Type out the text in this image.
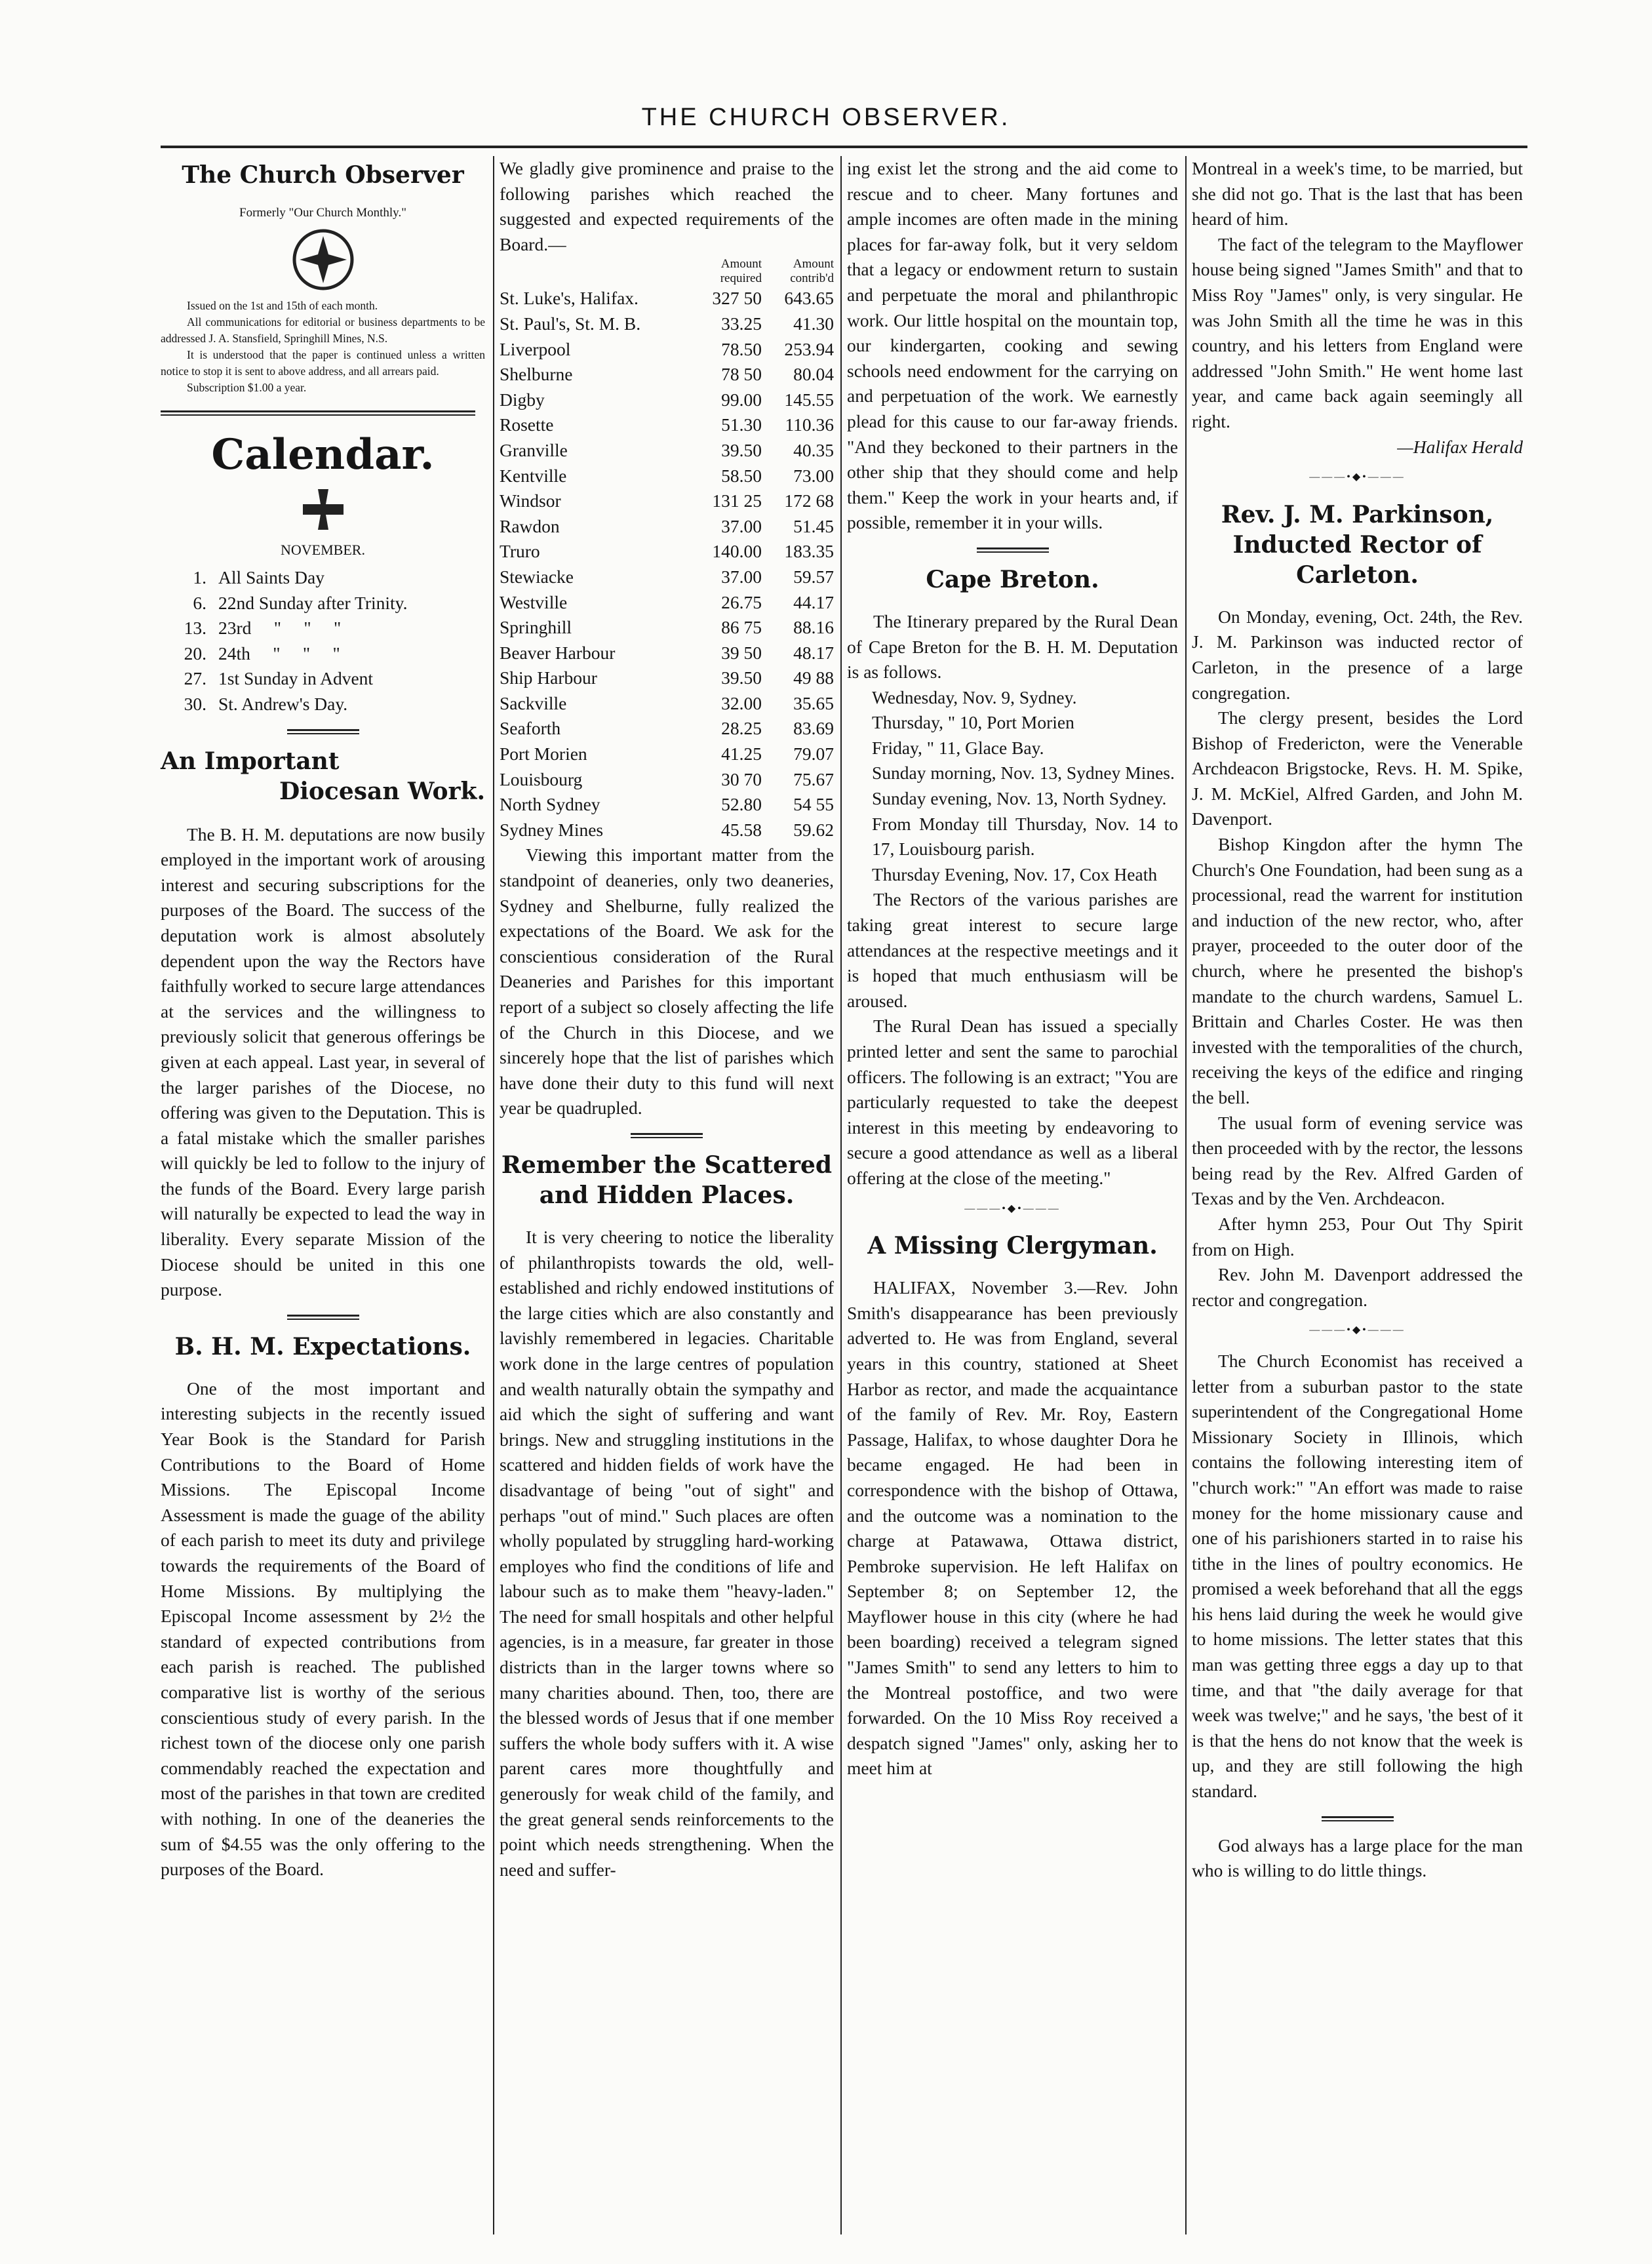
THE CHURCH OBSERVER.
The Church Observer
Formerly "Our Church Monthly."

Issued on the 1st and 15th of each month.

All communications for editorial or business departments to be addressed J. A. Stansfield, Springhill Mines, N.S.

It is understood that the paper is continued unless a written notice to stop it is sent to above address, and all arrears paid.

Subscription $1.00 a year.

Calendar.
NOVEMBER.
1. All Saints Day
6. 22nd Sunday after Trinity.
13. 23rd     "     "     "
20. 24th     "     "     "
27. 1st Sunday in Advent
30. St. Andrew's Day.
An Important
Diocesan Work.

The B. H. M. deputations are now busily employed in the important work of arousing interest and securing subscriptions for the purposes of the Board. The success of the deputation work is almost absolutely dependent upon the way the Rectors have faithfully worked to secure large attendances at the services and the willingness to previously solicit that generous offerings be given at each appeal. Last year, in several of the larger parishes of the Diocese, no offering was given to the Deputation. This is a fatal mistake which the smaller parishes will quickly be led to follow to the injury of the funds of the Board. Every large parish will naturally be expected to lead the way in liberality. Every separate Mission of the Diocese should be united in this one purpose.

B. H. M. Expectations.

One of the most important and interesting subjects in the recently issued Year Book is the Standard for Parish Contributions to the Board of Home Missions. The Episcopal Income Assessment is made the guage of the ability of each parish to meet its duty and privilege towards the requirements of the Board of Home Missions. By multiplying the Episcopal Income assessment by 2½ the standard of expected contributions from each parish is reached. The published comparative list is worthy of the serious conscientious study of every parish. In the richest town of the diocese only one parish commendably reached the expectation and most of the parishes in that town are credited with nothing. In one of the deaneries the sum of $4.55 was the only offering to the purposes of the Board.

We gladly give prominence and praise to the following parishes which reached the suggested and expected requirements of the Board.—

	Amount required	Amount contrib'd
St. Luke's, Halifax.	327 50	643.65
St. Paul's, St. M. B.	33.25	41.30
Liverpool	78.50	253.94
Shelburne	78 50	80.04
Digby	99.00	145.55
Rosette	51.30	110.36
Granville	39.50	40.35
Kentville	58.50	73.00
Windsor	131 25	172 68
Rawdon	37.00	51.45
Truro	140.00	183.35
Stewiacke	37.00	59.57
Westville	26.75	44.17
Springhill	86 75	88.16
Beaver Harbour	39 50	48.17
Ship Harbour	39.50	49 88
Sackville	32.00	35.65
Seaforth	28.25	83.69
Port Morien	41.25	79.07
Louisbourg	30 70	75.67
North Sydney	52.80	54 55
Sydney Mines	45.58	59.62

Viewing this important matter from the standpoint of deaneries, only two deaneries, Sydney and Shelburne, fully realized the expectations of the Board. We ask for the conscientious consideration of the Rural Deaneries and Parishes for this important report of a subject so closely affecting the life of the Church in this Diocese, and we sincerely hope that the list of parishes which have done their duty to this fund will next year be quadrupled.

Remember the Scattered and Hidden Places.

It is very cheering to notice the liberality of philanthropists towards the old, well-established and richly endowed institutions of the large cities which are also constantly and lavishly remembered in legacies. Charitable work done in the large centres of population and wealth naturally obtain the sympathy and aid which the sight of suffering and want brings. New and struggling institutions in the scattered and hidden fields of work have the disadvantage of being "out of sight" and perhaps "out of mind." Such places are often wholly populated by struggling hard-working employes who find the conditions of life and labour such as to make them "heavy-laden." The need for small hospitals and other helpful agencies, is in a measure, far greater in those districts than in the larger towns where so many charities abound. Then, too, there are the blessed words of Jesus that if one member suffers the whole body suffers with it. A wise parent cares more thoughtfully and generously for weak child of the family, and the great general sends reinforcements to the point which needs strengthening. When the need and suffer-

ing exist let the strong and the aid come to rescue and to cheer. Many fortunes and ample incomes are often made in the mining places for far-away folk, but it very seldom that a legacy or endowment return to sustain and perpetuate the moral and philanthropic work. Our little hospital on the mountain top, our kindergarten, cooking and sewing schools need endowment for the carrying on and perpetuation of the work. We earnestly plead for this cause to our far-away friends. "And they beckoned to their partners in the other ship that they should come and help them." Keep the work in your hearts and, if possible, remember it in your wills.

Cape Breton.

The Itinerary prepared by the Rural Dean of Cape Breton for the B. H. M. Deputation is as follows.

Wednesday, Nov. 9, Sydney.

Thursday, " 10, Port Morien

Friday, " 11, Glace Bay.

Sunday morning, Nov. 13, Sydney Mines.

Sunday evening, Nov. 13, North Sydney.

From Monday till Thursday, Nov. 14 to 17, Louisbourg parish.

Thursday Evening, Nov. 17, Cox Heath

The Rectors of the various parishes are taking great interest to secure large attendances at the respective meetings and it is hoped that much enthusiasm will be aroused.

The Rural Dean has issued a specially printed letter and sent the same to parochial officers. The following is an extract; "You are particularly requested to take the deepest interest in this meeting by endeavoring to secure a good attendance as well as a liberal offering at the close of the meeting."

———•◆•———
A Missing Clergyman.

HALIFAX, November 3.—Rev. John Smith's disappearance has been previously adverted to. He was from England, several years in this country, stationed at Sheet Harbor as rector, and made the acquaintance of the family of Rev. Mr. Roy, Eastern Passage, Halifax, to whose daughter Dora he became engaged. He had been in correspondence with the bishop of Ottawa, and the outcome was a nomination to the charge at Patawawa, Ottawa district, Pembroke supervision. He left Halifax on September 8; on September 12, the Mayflower house in this city (where he had been boarding) received a telegram signed "James Smith" to send any letters to him to the Montreal postoffice, and two were forwarded. On the 10 Miss Roy received a despatch signed "James" only, asking her to meet him at

Montreal in a week's time, to be married, but she did not go. That is the last that has been heard of him.

The fact of the telegram to the Mayflower house being signed "James Smith" and that to Miss Roy "James" only, is very singular. He was John Smith all the time he was in this country, and his letters from England were addressed "John Smith." He went home last year, and came back again seemingly all right.

—Halifax Herald
———•◆•———
Rev. J. M. Parkinson, Inducted Rector of Carleton.

On Monday, evening, Oct. 24th, the Rev. J. M. Parkinson was inducted rector of Carleton, in the presence of a large congregation.

The clergy present, besides the Lord Bishop of Fredericton, were the Venerable Archdeacon Brigstocke, Revs. H. M. Spike, J. M. McKiel, Alfred Garden, and John M. Davenport.

Bishop Kingdon after the hymn The Church's One Foundation, had been sung as a processional, read the warrent for institution and induction of the new rector, who, after prayer, proceeded to the outer door of the church, where he presented the bishop's mandate to the church wardens, Samuel L. Brittain and Charles Coster. He was then invested with the temporalities of the church, receiving the keys of the edifice and ringing the bell.

The usual form of evening service was then proceeded with by the rector, the lessons being read by the Rev. Alfred Garden of Texas and by the Ven. Archdeacon.

After hymn 253, Pour Out Thy Spirit from on High.

Rev. John M. Davenport addressed the rector and congregation.

———•◆•———

The Church Economist has received a letter from a suburban pastor to the state superintendent of the Congregational Home Missionary Society in Illinois, which contains the following interesting item of "church work:" "An effort was made to raise money for the home missionary cause and one of his parishioners started in to raise his tithe in the lines of poultry economics. He promised a week beforehand that all the eggs his hens laid during the week he would give to home missions. The letter states that this man was getting three eggs a day up to that time, and that "the daily average for that week was twelve;" and he says, 'the best of it is that the hens do not know that the week is up, and they are still following the high standard.

God always has a large place for the man who is willing to do little things.
